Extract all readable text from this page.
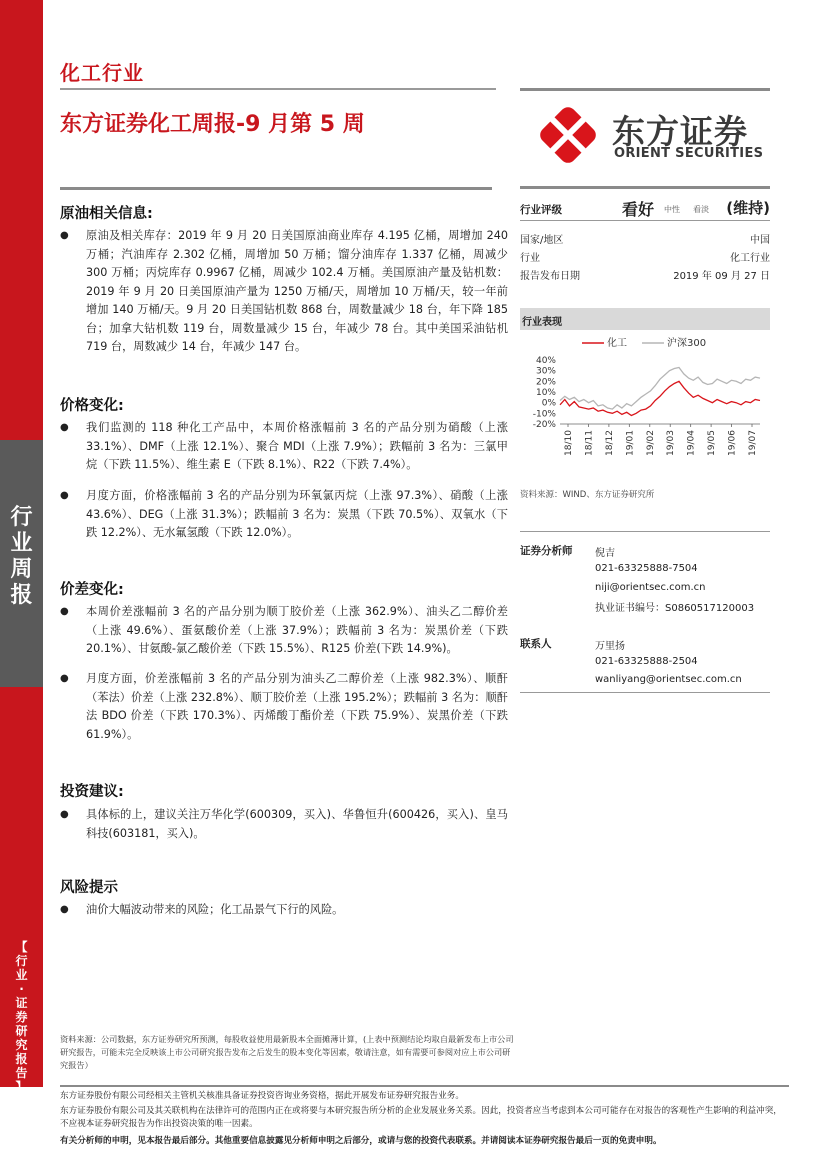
行
业
周
报
【
行
业
·
证
券
研
究
报
告
】
化工行业
东方证券化工周报-9 月第 5 周	东方证券
ORIENT SECURITIES
原油相关信息:
● 原油及相关库存：2019 年 9 月 20 日美国原油商业库存 4.195 亿桶，周增加 240 万桶；汽油库存 2.302 亿桶，周增加 50 万桶；馏分油库存 1.337 亿桶，周减少 300 万桶；丙烷库存 0.9967 亿桶，周减少 102.4 万桶。美国原油产量及钻机数：2019 年 9 月 20 日美国原油产量为 1250 万桶/天，周增加 10 万桶/天，较一年前增加 140 万桶/天。9 月 20 日美国钻机数 868 台，周数量减少 18 台，年下降 185 台；加拿大钻机数 119 台，周数量减少 15 台，年减少 78 台。其中美国采油钻机 719 台，周数减少 14 台，年减少 147 台。
价格变化:
● 我们监测的 118 种化工产品中，本周价格涨幅前 3 名的产品分别为硝酸（上涨 33.1%）、DMF（上涨 12.1%）、聚合 MDI（上涨 7.9%）；跌幅前 3 名为：三氯甲烷（下跌 11.5%）、维生素 E（下跌 8.1%）、R22（下跌 7.4%）。
● 月度方面，价格涨幅前 3 名的产品分别为环氧氯丙烷（上涨 97.3%）、硝酸（上涨 43.6%）、DEG（上涨 31.3%）；跌幅前 3 名为：炭黑（下跌 70.5%）、双氧水（下跌 12.2%）、无水氟氢酸（下跌 12.0%）。
价差变化:
● 本周价差涨幅前 3 名的产品分别为顺丁胶价差（上涨 362.9%）、油头乙二醇价差（上涨 49.6%）、蛋氨酸价差（上涨 37.9%）；跌幅前 3 名为：炭黑价差（下跌 20.1%）、甘氨酸-氯乙酸价差（下跌 15.5%）、R125 价差(下跌 14.9%)。
● 月度方面，价差涨幅前 3 名的产品分别为油头乙二醇价差（上涨 982.3%）、顺酐（苯法）价差（上涨 232.8%）、顺丁胶价差（上涨 195.2%）；跌幅前 3 名为：顺酐法 BDO 价差（下跌 170.3%）、丙烯酸丁酯价差（下跌 75.9%）、炭黑价差（下跌 61.9%）。
投资建议:
● 具体标的上，建议关注万华化学(600309，买入)、华鲁恒升(600426，买入)、皇马科技(603181，买入)。
风险提示
● 油价大幅波动带来的风险；化工品景气下行的风险。
行业评级	看好 中性 看淡 (维持)
国家/地区	中国
行业	化工行业
报告发布日期	2019 年 09 月 27 日
行业表现
化工	沪深300
40%
30%
20%
10%
0%
-10%
-20%
18/10 18/11 18/12 19/01 19/02 19/03 19/04 19/05 19/06 19/07
资料来源：WIND、东方证券研究所
证券分析师 倪吉
021-63325888-7504
niji@orientsec.com.cn
执业证书编号：S0860517120003
联系人	万里扬
021-63325888-2504
wanliyang@orientsec.com.cn
资料来源：公司数据，东方证券研究所预测，每股收益使用最新股本全面摊薄计算，(上表中预测结论均取自最新发布上市公司研究报告，可能未完全反映该上市公司研究报告发布之后发生的股本变化等因素，敬请注意，如有需要可参阅对应上市公司研究报告）
东方证券股份有限公司经相关主管机关核准具备证券投资咨询业务资格，据此开展发布证券研究报告业务。
东方证券股份有限公司及其关联机构在法律许可的范围内正在或将要与本研究报告所分析的企业发展业务关系。因此，投资者应当考虑到本公司可能存在对报告的客观性产生影响的利益冲突，不应视本证券研究报告为作出投资决策的唯一因素。
有关分析师的申明，见本报告最后部分。其他重要信息披露见分析师申明之后部分，或请与您的投资代表联系。并请阅读本证券研究报告最后一页的免责申明。
